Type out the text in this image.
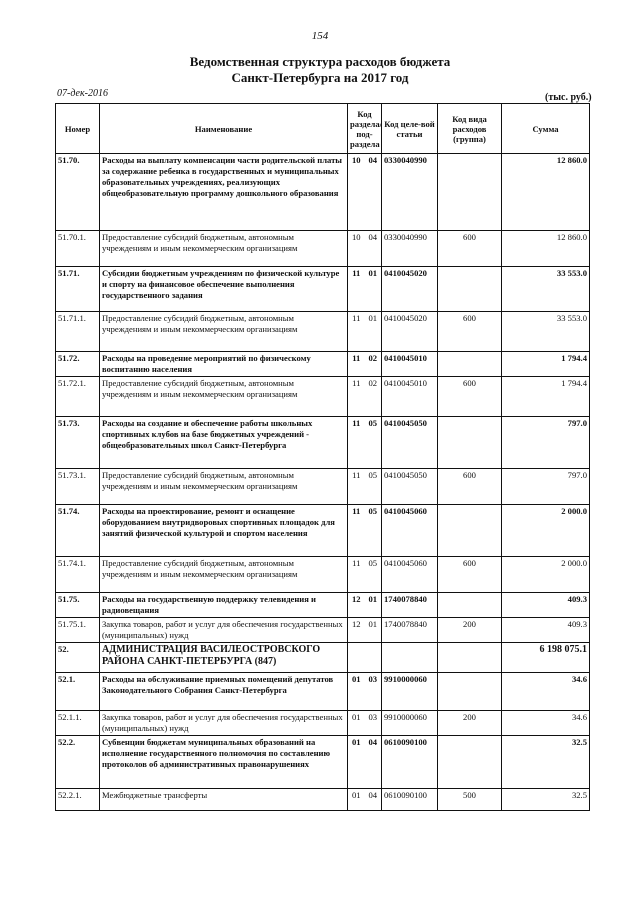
154
Ведомственная структура расходов бюджета
Санкт-Петербурга на 2017 год
07-дек-2016	(тыс. руб.)
Номер	Наименование	Код раздела/ под-раздела		Код целе-вой статьи	Код вида расходов (группа)	Сумма
51.70.	Расходы на выплату компенсации части родительской платы за содержание ребенка в государственных и муниципальных образовательных учреждениях, реализующих общеобразовательную программу дошкольного образования	10	04	0330040990		12 860.0
51.70.1.	Предоставление субсидий бюджетным, автономным учреждениям и иным некоммерческим организациям	10	04	0330040990	600	12 860.0
51.71.	Субсидии бюджетным учреждениям по физической культуре и спорту на финансовое обеспечение выполнения государственного задания	11	01	0410045020		33 553.0
51.71.1.	Предоставление субсидий бюджетным, автономным учреждениям и иным некоммерческим организациям	11	01	0410045020	600	33 553.0
51.72.	Расходы на проведение мероприятий по физическому воспитанию населения	11	02	0410045010		1 794.4
51.72.1.	Предоставление субсидий бюджетным, автономным учреждениям и иным некоммерческим организациям	11	02	0410045010	600	1 794.4
51.73.	Расходы на создание и обеспечение работы школьных спортивных клубов на базе бюджетных учреждений - общеобразовательных школ Санкт-Петербурга	11	05	0410045050		797.0
51.73.1.	Предоставление субсидий бюджетным, автономным учреждениям и иным некоммерческим организациям	11	05	0410045050	600	797.0
51.74.	Расходы на проектирование, ремонт и оснащение оборудованием внутридворовых спортивных площадок для занятий физической культурой и спортом населения	11	05	0410045060		2 000.0
51.74.1.	Предоставление субсидий бюджетным, автономным учреждениям и иным некоммерческим организациям	11	05	0410045060	600	2 000.0
51.75.	Расходы на государственную поддержку телевидения и радиовещания	12	01	1740078840		409.3
51.75.1.	Закупка товаров, работ и услуг для обеспечения государственных (муниципальных) нужд	12	01	1740078840	200	409.3
52.	АДМИНИСТРАЦИЯ ВАСИЛЕОСТРОВСКОГО РАЙОНА САНКТ-ПЕТЕРБУРГА (847)					6 198 075.1
52.1.	Расходы на обслуживание приемных помещений депутатов Законодательного Собрания Санкт-Петербурга	01	03	9910000060		34.6
52.1.1.	Закупка товаров, работ и услуг для обеспечения государственных (муниципальных) нужд	01	03	9910000060	200	34.6
52.2.	Субвенции бюджетам муниципальных образований на исполнение государственного полномочия по составлению протоколов об административных правонарушениях	01	04	0610090100		32.5
52.2.1.	Межбюджетные трансферты	01	04	0610090100	500	32.5
